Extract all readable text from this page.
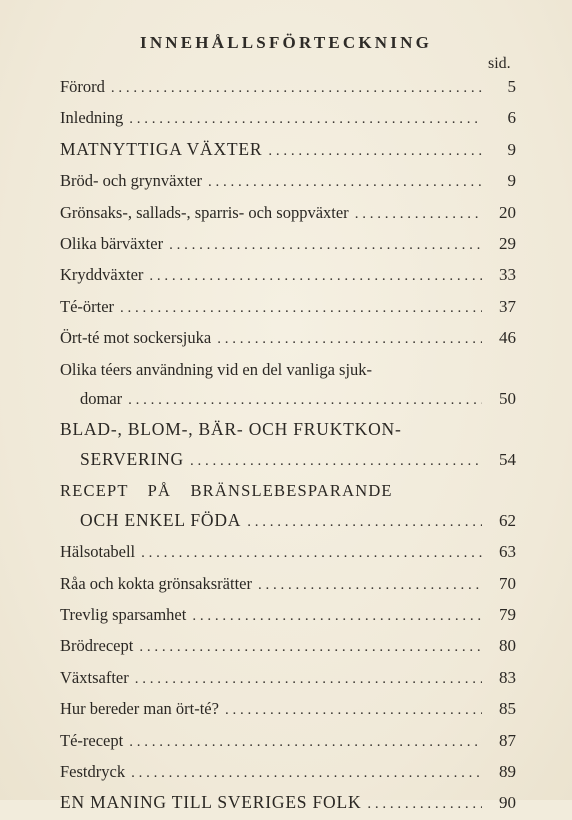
INNEHÅLLSFÖRTECKNING
sid.
Förord . . .	5
Inledning . . .	6
MATNYTTIGA VÄXTER . . .	9
Bröd- och grynväxter . . .	9
Grönsaks-, sallads-, sparris- och soppväxter . . .	20
Olika bärväxter . . .	29
Kryddväxter . . .	33
Té-örter . . .	37
Ört-té mot sockersjuka . . .	46
Olika téers användning vid en del vanliga sjuk-
domar . . .	50
BLAD-, BLOM-, BÄR- OCH FRUKTKON-
SERVERING . . .	54
RECEPT PÅ BRÄNSLEBESPARANDE
OCH ENKEL FÖDA . . .	62
Hälsotabell . . .	63
Råa och kokta grönsaksrätter . . .	70
Trevlig sparsamhet . . .	79
Brödrecept . . .	80
Växtsafter . . .	83
Hur bereder man ört-té? . . .	85
Té-recept . . .	87
Festdryck . . .	89
EN MANING TILL SVERIGES FOLK . . .	90
